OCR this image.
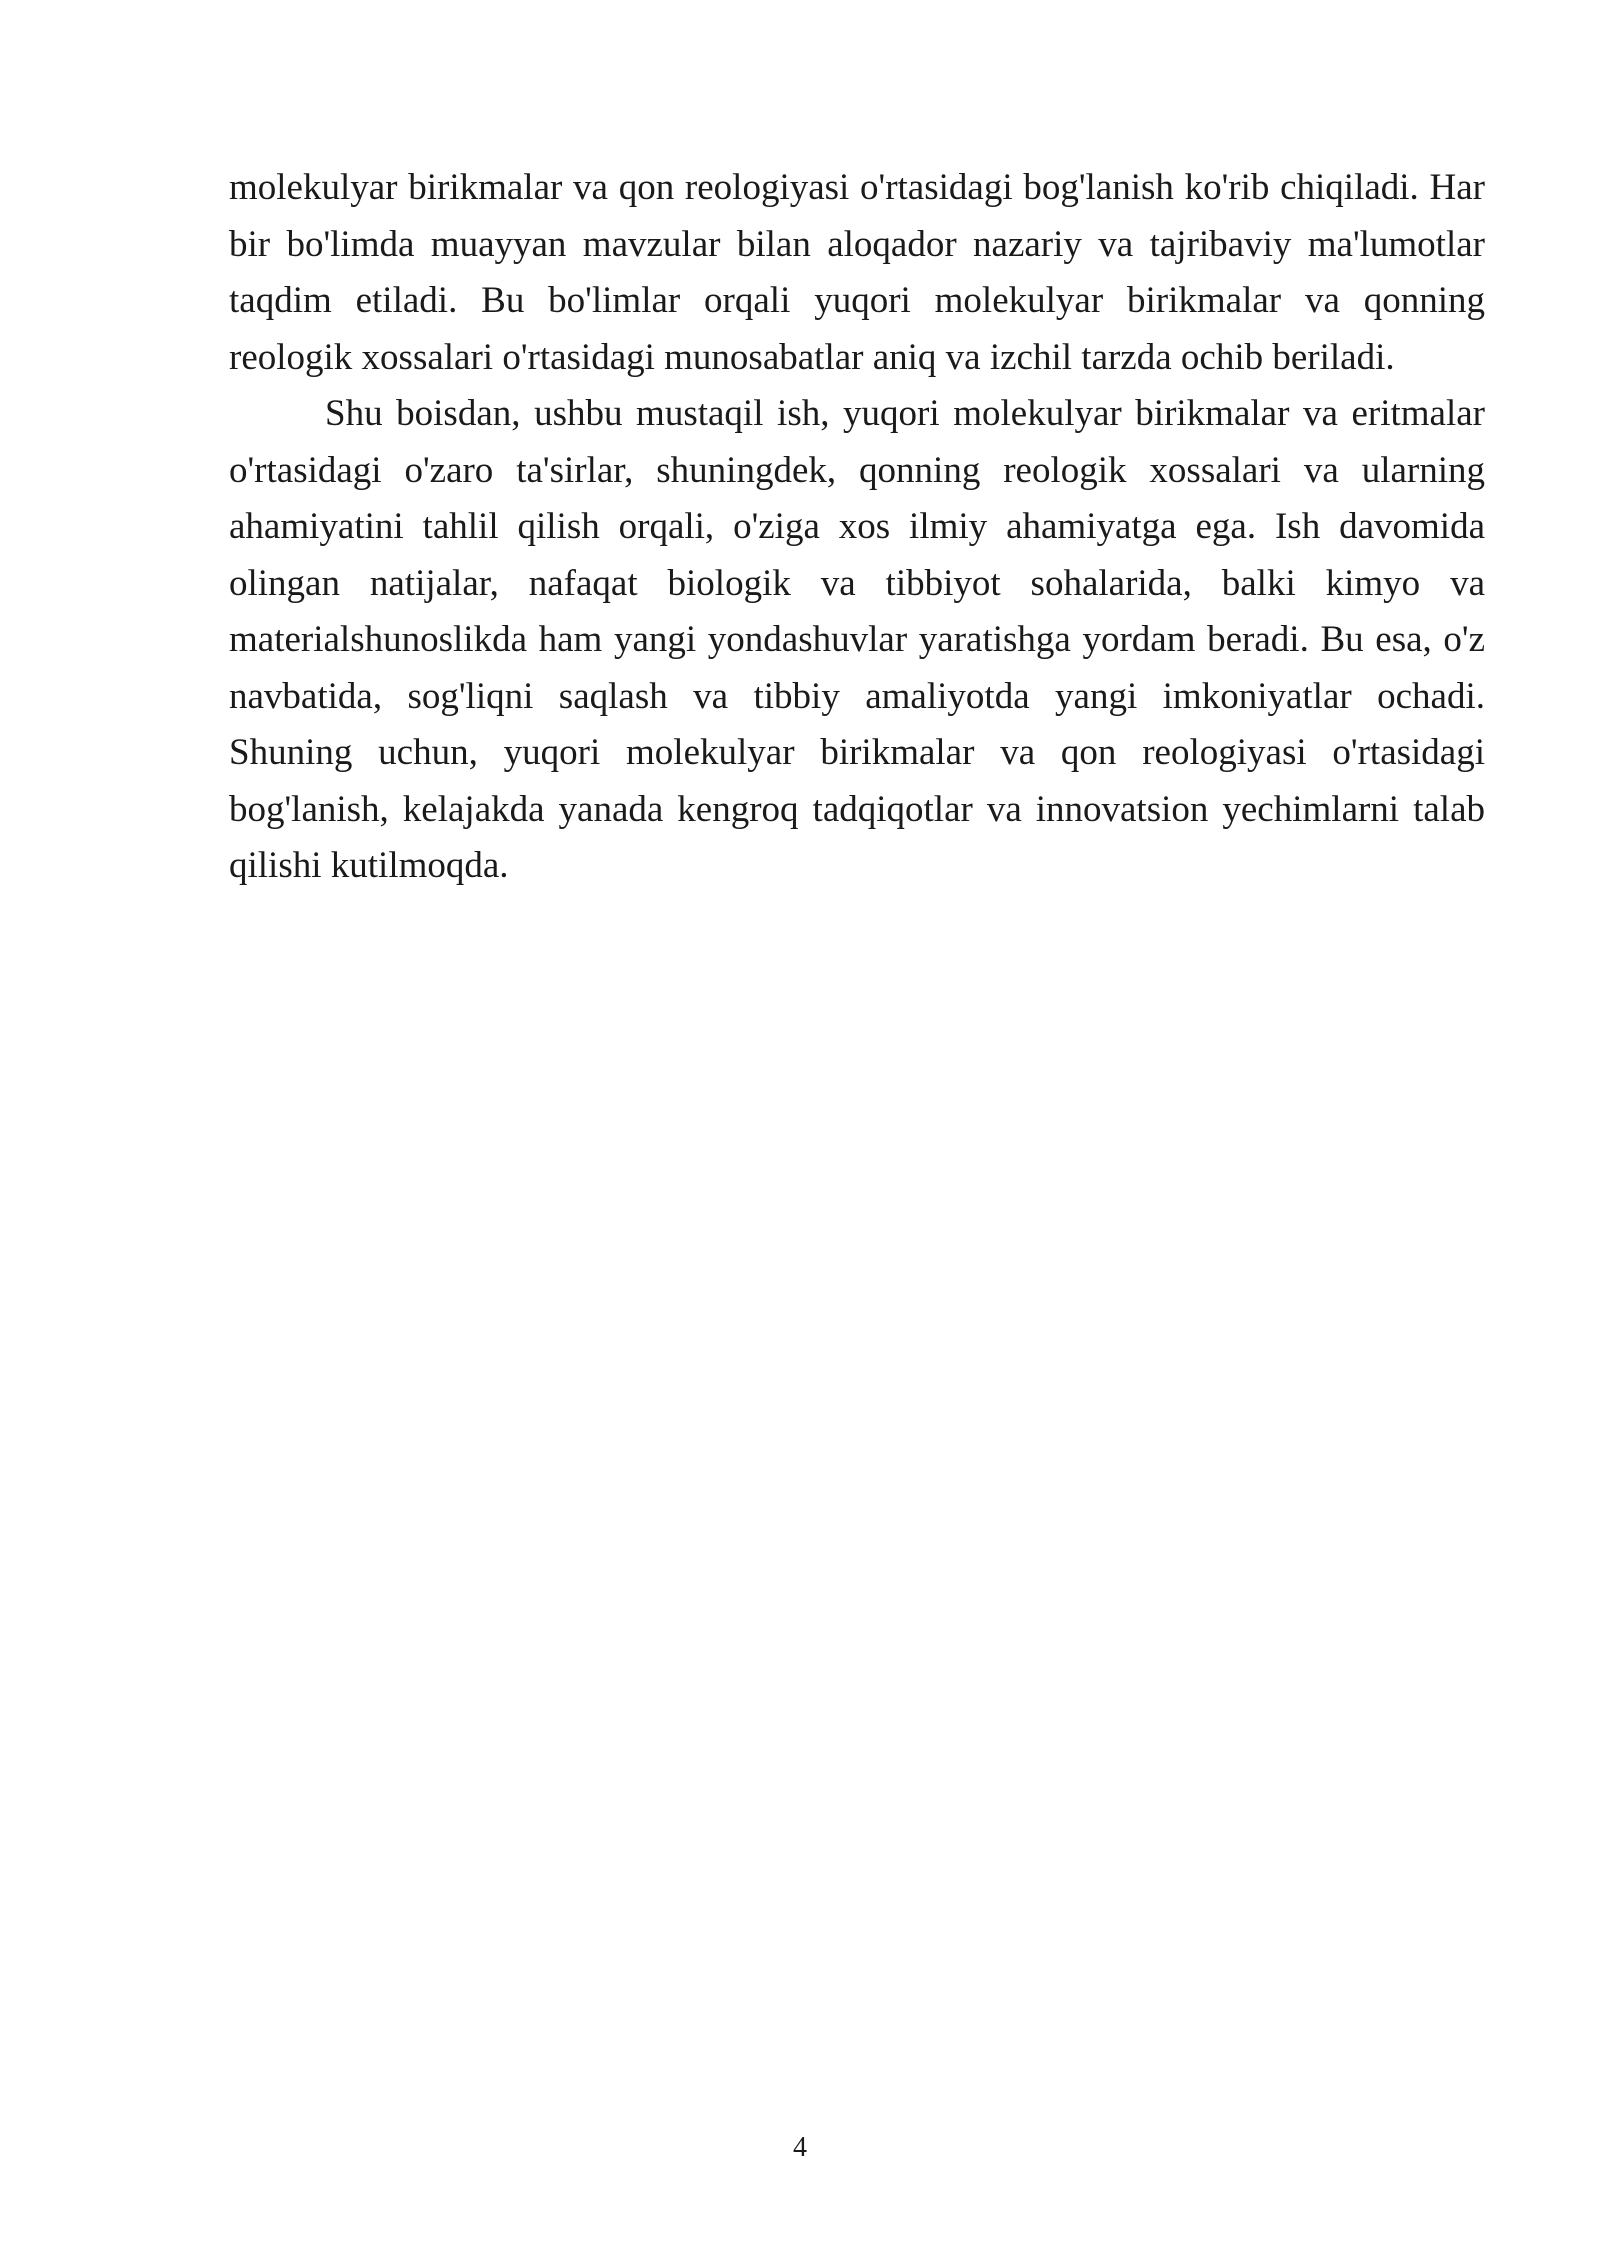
molekulyar birikmalar va qon reologiyasi o'rtasidagi bog'lanish ko'rib chiqiladi. Har bir bo'limda muayyan mavzular bilan aloqador nazariy va tajribaviy ma'lumotlar taqdim etiladi. Bu bo'limlar orqali yuqori molekulyar birikmalar va qonning reologik xossalari o'rtasidagi munosabatlar aniq va izchil tarzda ochib beriladi.

Shu boisdan, ushbu mustaqil ish, yuqori molekulyar birikmalar va eritmalar o'rtasidagi o'zaro ta'sirlar, shuningdek, qonning reologik xossalari va ularning ahamiyatini tahlil qilish orqali, o'ziga xos ilmiy ahamiyatga ega. Ish davomida olingan natijalar, nafaqat biologik va tibbiyot sohalarida, balki kimyo va materialshunoslikda ham yangi yondashuvlar yaratishga yordam beradi. Bu esa, o'z navbatida, sog'liqni saqlash va tibbiy amaliyotda yangi imkoniyatlar ochadi. Shuning uchun, yuqori molekulyar birikmalar va qon reologiyasi o'rtasidagi bog'lanish, kelajakda yanada kengroq tadqiqotlar va innovatsion yechimlarni talab qilishi kutilmoqda.

4
